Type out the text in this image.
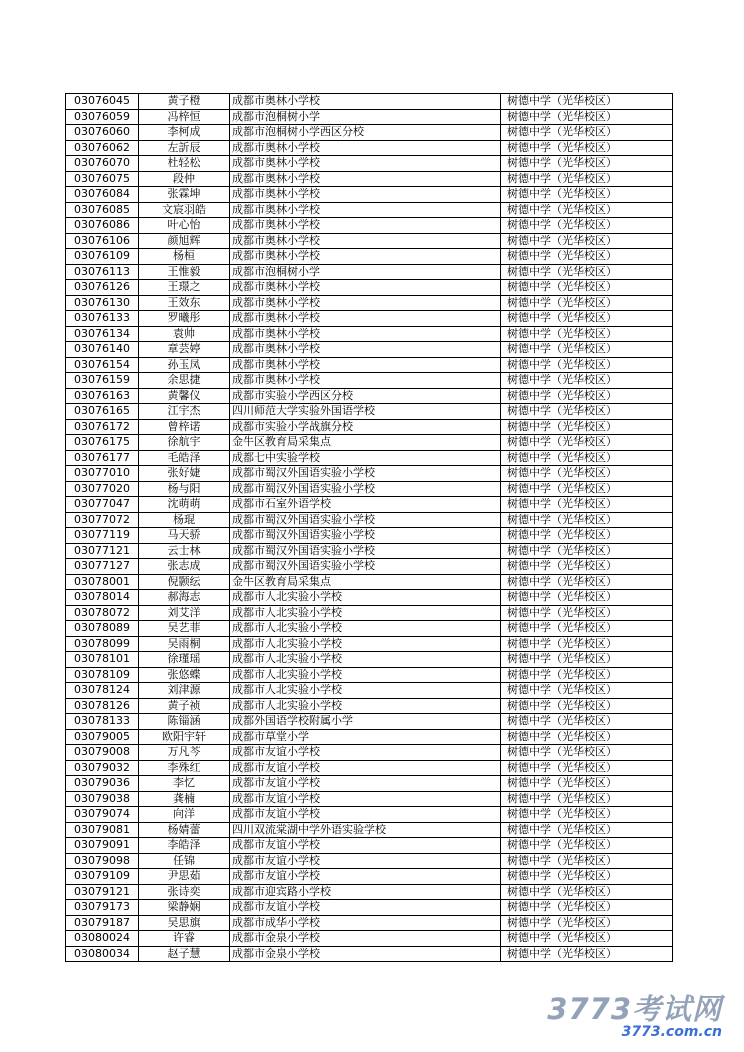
03076045	黄子橙	成都市奥林小学校	树德中学（光华校区）
03076059	冯梓恒	成都市泡桐树小学	树德中学（光华校区）
03076060	李柯成	成都市泡桐树小学西区分校	树德中学（光华校区）
03076062	左訢辰	成都市奥林小学校	树德中学（光华校区）
03076070	杜轻松	成都市奥林小学校	树德中学（光华校区）
03076075	段仲	成都市奥林小学校	树德中学（光华校区）
03076084	张霖坤	成都市奥林小学校	树德中学（光华校区）
03076085	文宸羽皓	成都市奥林小学校	树德中学（光华校区）
03076086	叶心怡	成都市奥林小学校	树德中学（光华校区）
03076106	颜旭辉	成都市奥林小学校	树德中学（光华校区）
03076109	杨桓	成都市奥林小学校	树德中学（光华校区）
03076113	王惟毅	成都市泡桐树小学	树德中学（光华校区）
03076126	王璟之	成都市奥林小学校	树德中学（光华校区）
03076130	王效东	成都市奥林小学校	树德中学（光华校区）
03076133	罗曦彤	成都市奥林小学校	树德中学（光华校区）
03076134	袁帅	成都市奥林小学校	树德中学（光华校区）
03076140	章芸婷	成都市奥林小学校	树德中学（光华校区）
03076154	孙玉凤	成都市奥林小学校	树德中学（光华校区）
03076159	余思捷	成都市奥林小学校	树德中学（光华校区）
03076163	黄馨仪	成都市实验小学西区分校	树德中学（光华校区）
03076165	江宇杰	四川师范大学实验外国语学校	树德中学（光华校区）
03076172	曾梓诺	成都市实验小学战旗分校	树德中学（光华校区）
03076175	徐航宇	金牛区教育局采集点	树德中学（光华校区）
03076177	毛皓泽	成都七中实验学校	树德中学（光华校区）
03077010	张好婕	成都市蜀汉外国语实验小学校	树德中学（光华校区）
03077020	杨与阳	成都市蜀汉外国语实验小学校	树德中学（光华校区）
03077047	沈萌萌	成都市石室外语学校	树德中学（光华校区）
03077072	杨琨	成都市蜀汉外国语实验小学校	树德中学（光华校区）
03077119	马天骄	成都市蜀汉外国语实验小学校	树德中学（光华校区）
03077121	云士林	成都市蜀汉外国语实验小学校	树德中学（光华校区）
03077127	张志成	成都市蜀汉外国语实验小学校	树德中学（光华校区）
03078001	倪颢纭	金牛区教育局采集点	树德中学（光华校区）
03078014	郝海志	成都市人北实验小学校	树德中学（光华校区）
03078072	刘艾洋	成都市人北实验小学校	树德中学（光华校区）
03078089	吴艺菲	成都市人北实验小学校	树德中学（光华校区）
03078099	吴雨桐	成都市人北实验小学校	树德中学（光华校区）
03078101	徐瑾瑶	成都市人北实验小学校	树德中学（光华校区）
03078109	张悠蝶	成都市人北实验小学校	树德中学（光华校区）
03078124	刘津源	成都市人北实验小学校	树德中学（光华校区）
03078126	黄子祯	成都市人北实验小学校	树德中学（光华校区）
03078133	陈锱涵	成都外国语学校附属小学	树德中学（光华校区）
03079005	欧阳宇轩	成都市草堂小学	树德中学（光华校区）
03079008	万凡芩	成都市友谊小学校	树德中学（光华校区）
03079032	李殊红	成都市友谊小学校	树德中学（光华校区）
03079036	李忆	成都市友谊小学校	树德中学（光华校区）
03079038	龚楠	成都市友谊小学校	树德中学（光华校区）
03079074	向洋	成都市友谊小学校	树德中学（光华校区）
03079081	杨婧蕾	四川双流棠湖中学外语实验学校	树德中学（光华校区）
03079091	李皓泽	成都市友谊小学校	树德中学（光华校区）
03079098	任锦	成都市友谊小学校	树德中学（光华校区）
03079109	尹思茹	成都市友谊小学校	树德中学（光华校区）
03079121	张诗奕	成都市迎宾路小学校	树德中学（光华校区）
03079173	梁静娴	成都市友谊小学校	树德中学（光华校区）
03079187	吴思旗	成都市成华小学校	树德中学（光华校区）
03080024	许睿	成都市金泉小学校	树德中学（光华校区）
03080034	赵子慧	成都市金泉小学校	树德中学（光华校区）
3773考试网
3773.com.cn
